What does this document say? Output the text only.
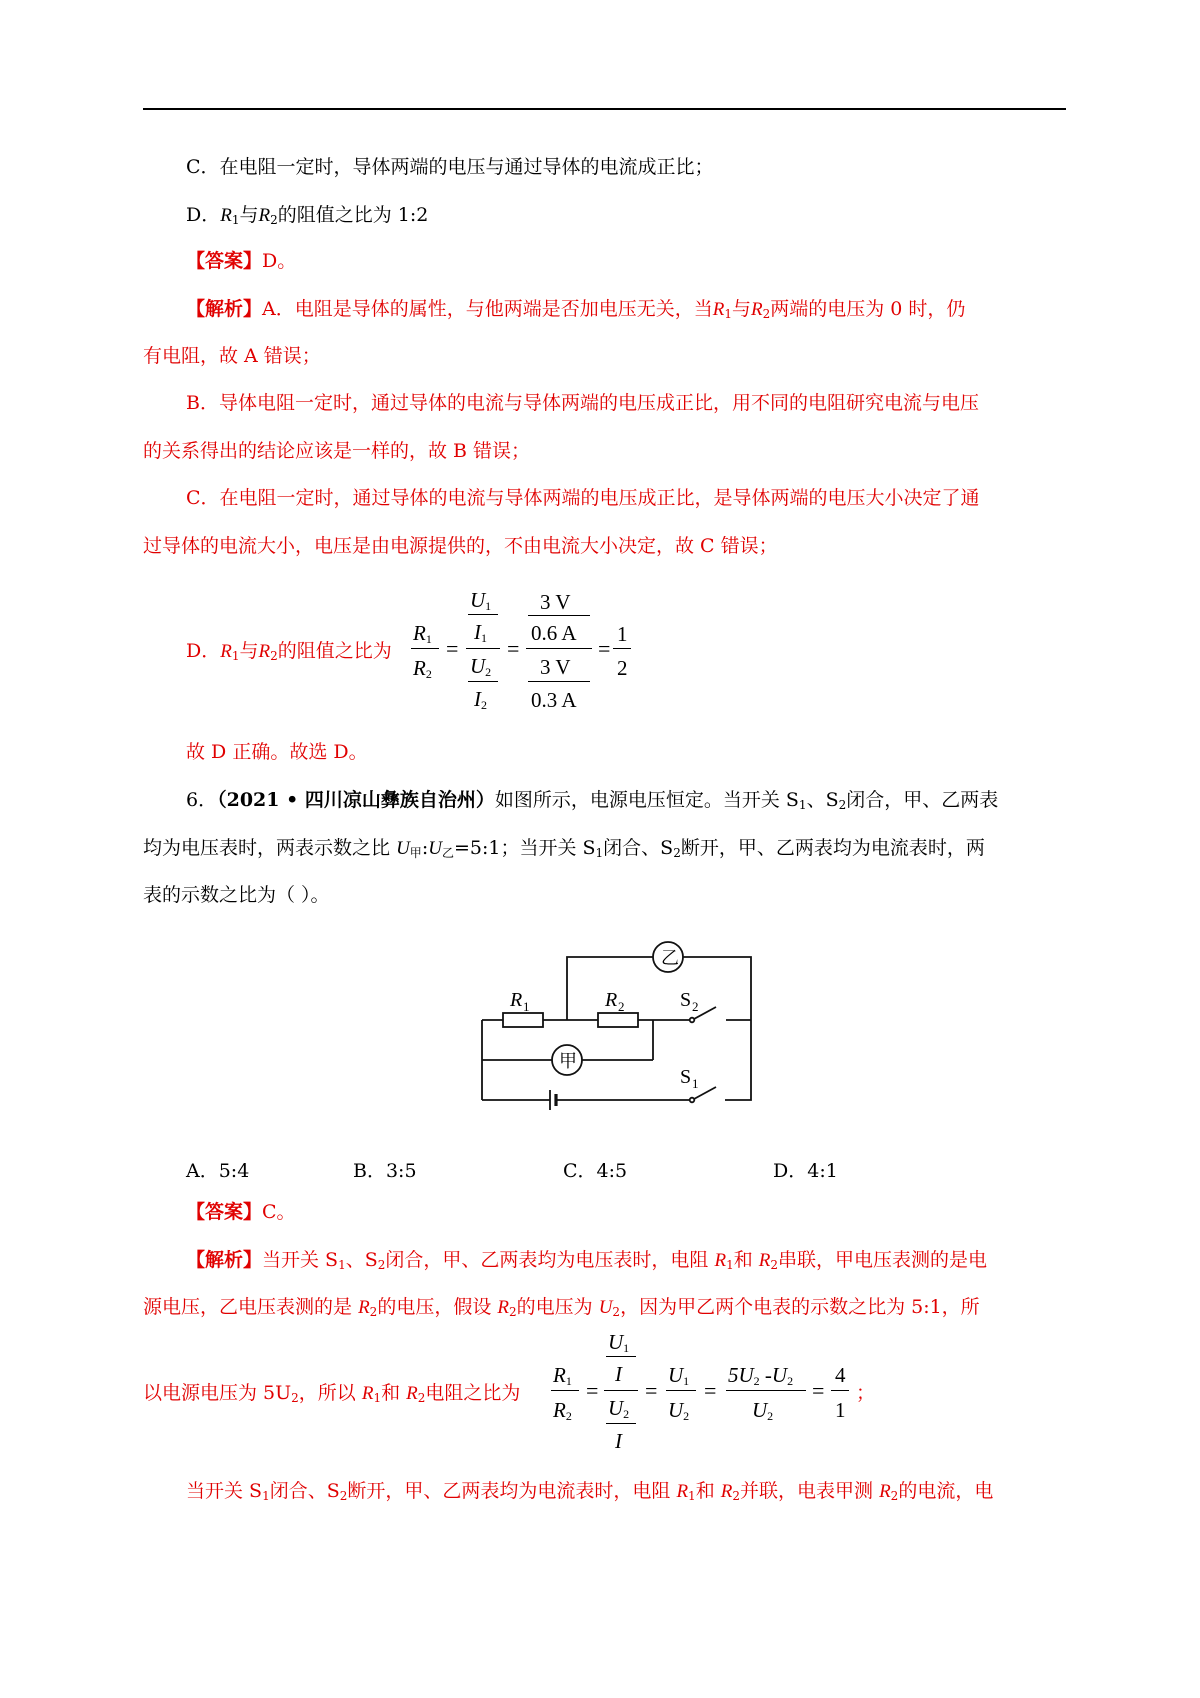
C．在电阻一定时，导体两端的电压与通过导体的电流成正比；
D．$R_1$与$R_2$的阻值之比为 1:2
【答案】D。
【解析】A．电阻是导体的属性，与他两端是否加电压无关，当$R_1$与$R_2$两端的电压为 0 时，仍
有电阻，故 A 错误；
B．导体电阻一定时，通过导体的电流与导体两端的电压成正比，用不同的电阻研究电流与电压
的关系得出的结论应该是一样的，故 B 错误；
C．在电阻一定时，通过导体的电流与导体两端的电压成正比，是导体两端的电压大小决定了通
过导体的电流大小，电压是由电源提供的，不由电流大小决定，故 C 错误；
D．$R_1$与$R_2$的阻值之比为
$R_1$
$R_2$
=
$U_1$
$I_1$
$U_2$
$I_2$
=
3 V
0.6 A
3 V
0.3 A
=
1
2
故 D 正确。故选 D。
6．（2021 • 四川凉山彝族自治州）如图所示，电源电压恒定。当开关 $S_1$、$S_2$闭合，甲、乙两表
均为电压表时，两表示数之比 $U_甲:U_乙=5:1$；当开关 $S_1$闭合、$S_2$断开，甲、乙两表均为电流表时，两
表的示数之比为（ ）。
乙
甲
R 1	R 2	S 2
S 1
A．5:4	B．3:5	C．4:5	D．4:1
【答案】C。
【解析】当开关 $S_1$、$S_2$闭合，甲、乙两表均为电压表时，电阻 $R_1$和 $R_2$串联，甲电压表测的是电
源电压，乙电压表测的是 $R_2$的电压，假设 $R_2$的电压为 $U_2$，因为甲乙两个电表的示数之比为 5:1，所
以电源电压为 $5U_2$，所以 $R_1$和 $R_2$电阻之比为
$R_1$
$R_2$
=
$U_1$
I
$U_2$
I
=
$U_1$
$U_2$
=
$5U_2$ $-U_2$
$U_2$
=
4
1
；
当开关 $S_1$闭合、$S_2$断开，甲、乙两表均为电流表时，电阻 $R_1$和 $R_2$并联，电表甲测 $R_2$的电流，电
